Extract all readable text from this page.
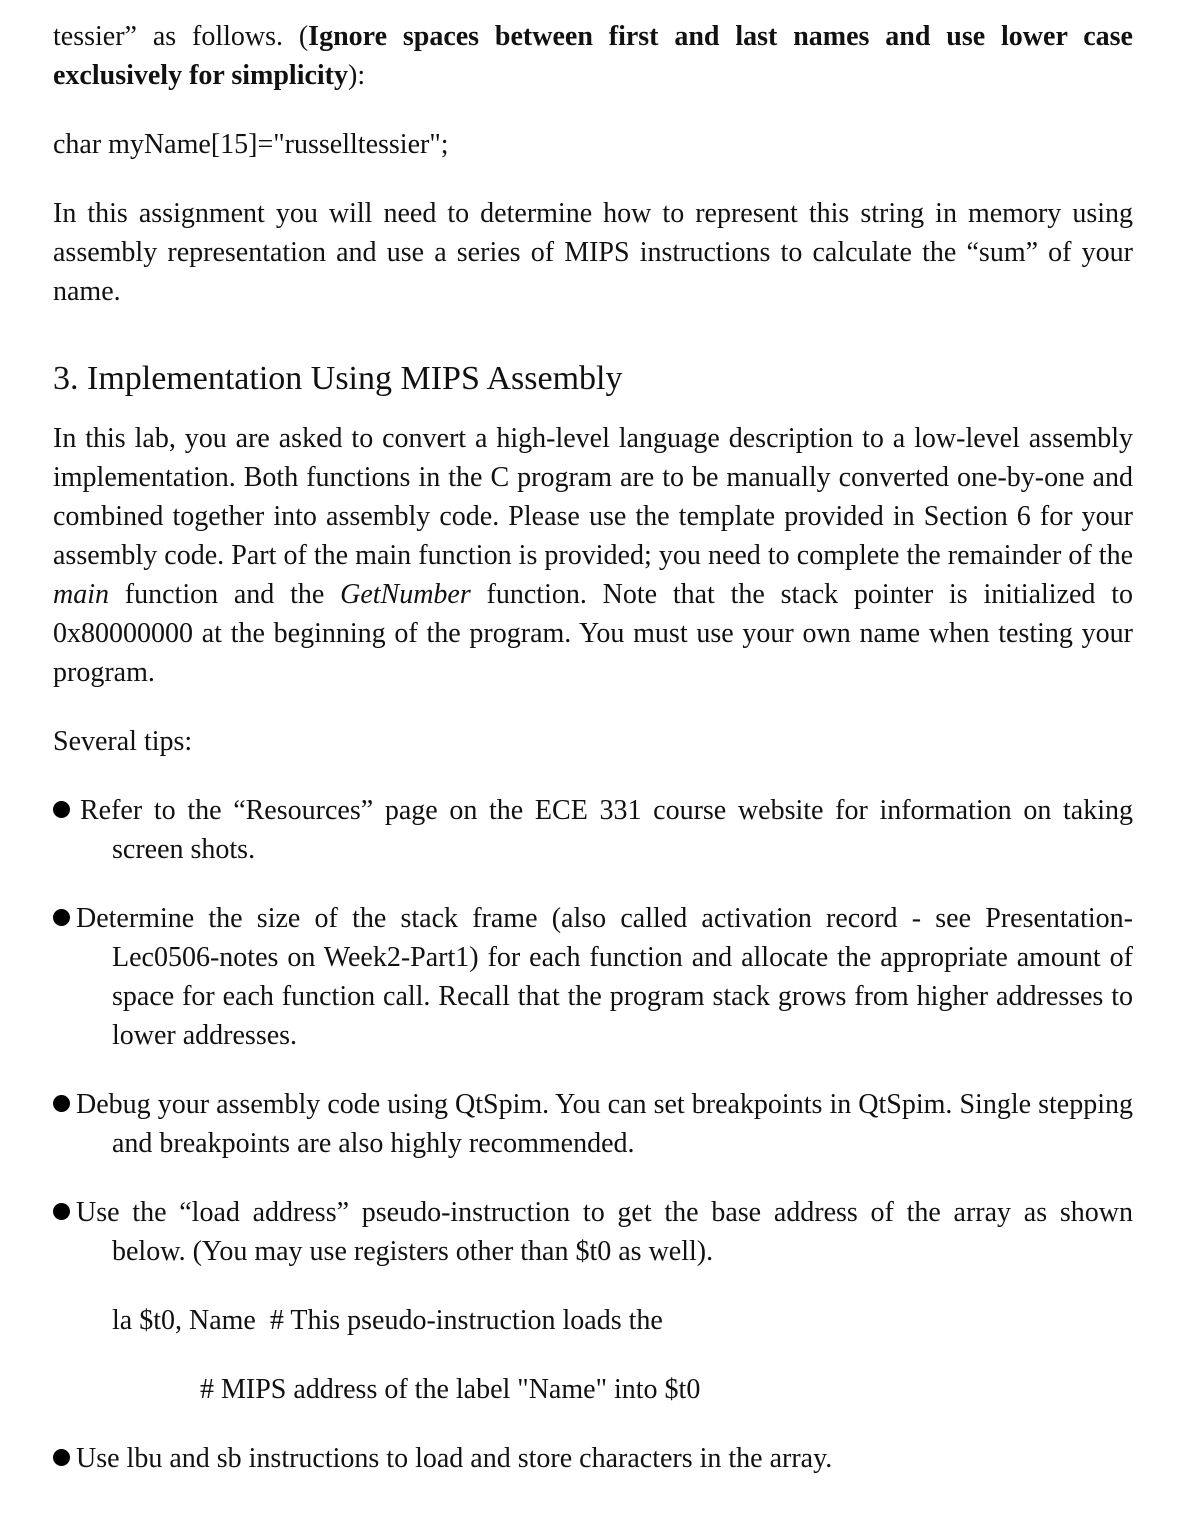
tessier” as follows. (Ignore spaces between first and last names and use lower case exclusively for simplicity):
char myName[15]="russelltessier";
In this assignment you will need to determine how to represent this string in memory using assembly representation and use a series of MIPS instructions to calculate the “sum” of your name.
3. Implementation Using MIPS Assembly
In this lab, you are asked to convert a high-level language description to a low-level assembly implementation. Both functions in the C program are to be manually converted one-by-one and combined together into assembly code. Please use the template provided in Section 6 for your assembly code. Part of the main function is provided; you need to complete the remainder of the main function and the GetNumber function. Note that the stack pointer is initialized to 0x80000000 at the beginning of the program. You must use your own name when testing your program.
Several tips:
Refer to the “Resources” page on the ECE 331 course website for information on taking screen shots.
Determine the size of the stack frame (also called activation record - see Presentation-Lec0506-notes on Week2-Part1) for each function and allocate the appropriate amount of space for each function call. Recall that the program stack grows from higher addresses to lower addresses.
Debug your assembly code using QtSpim. You can set breakpoints in QtSpim. Single stepping and breakpoints are also highly recommended.
Use the “load address” pseudo-instruction to get the base address of the array as shown below. (You may use registers other than $t0 as well).
la $t0, Name  # This pseudo-instruction loads the
# MIPS address of the label "Name" into $t0
Use lbu and sb instructions to load and store characters in the array.
